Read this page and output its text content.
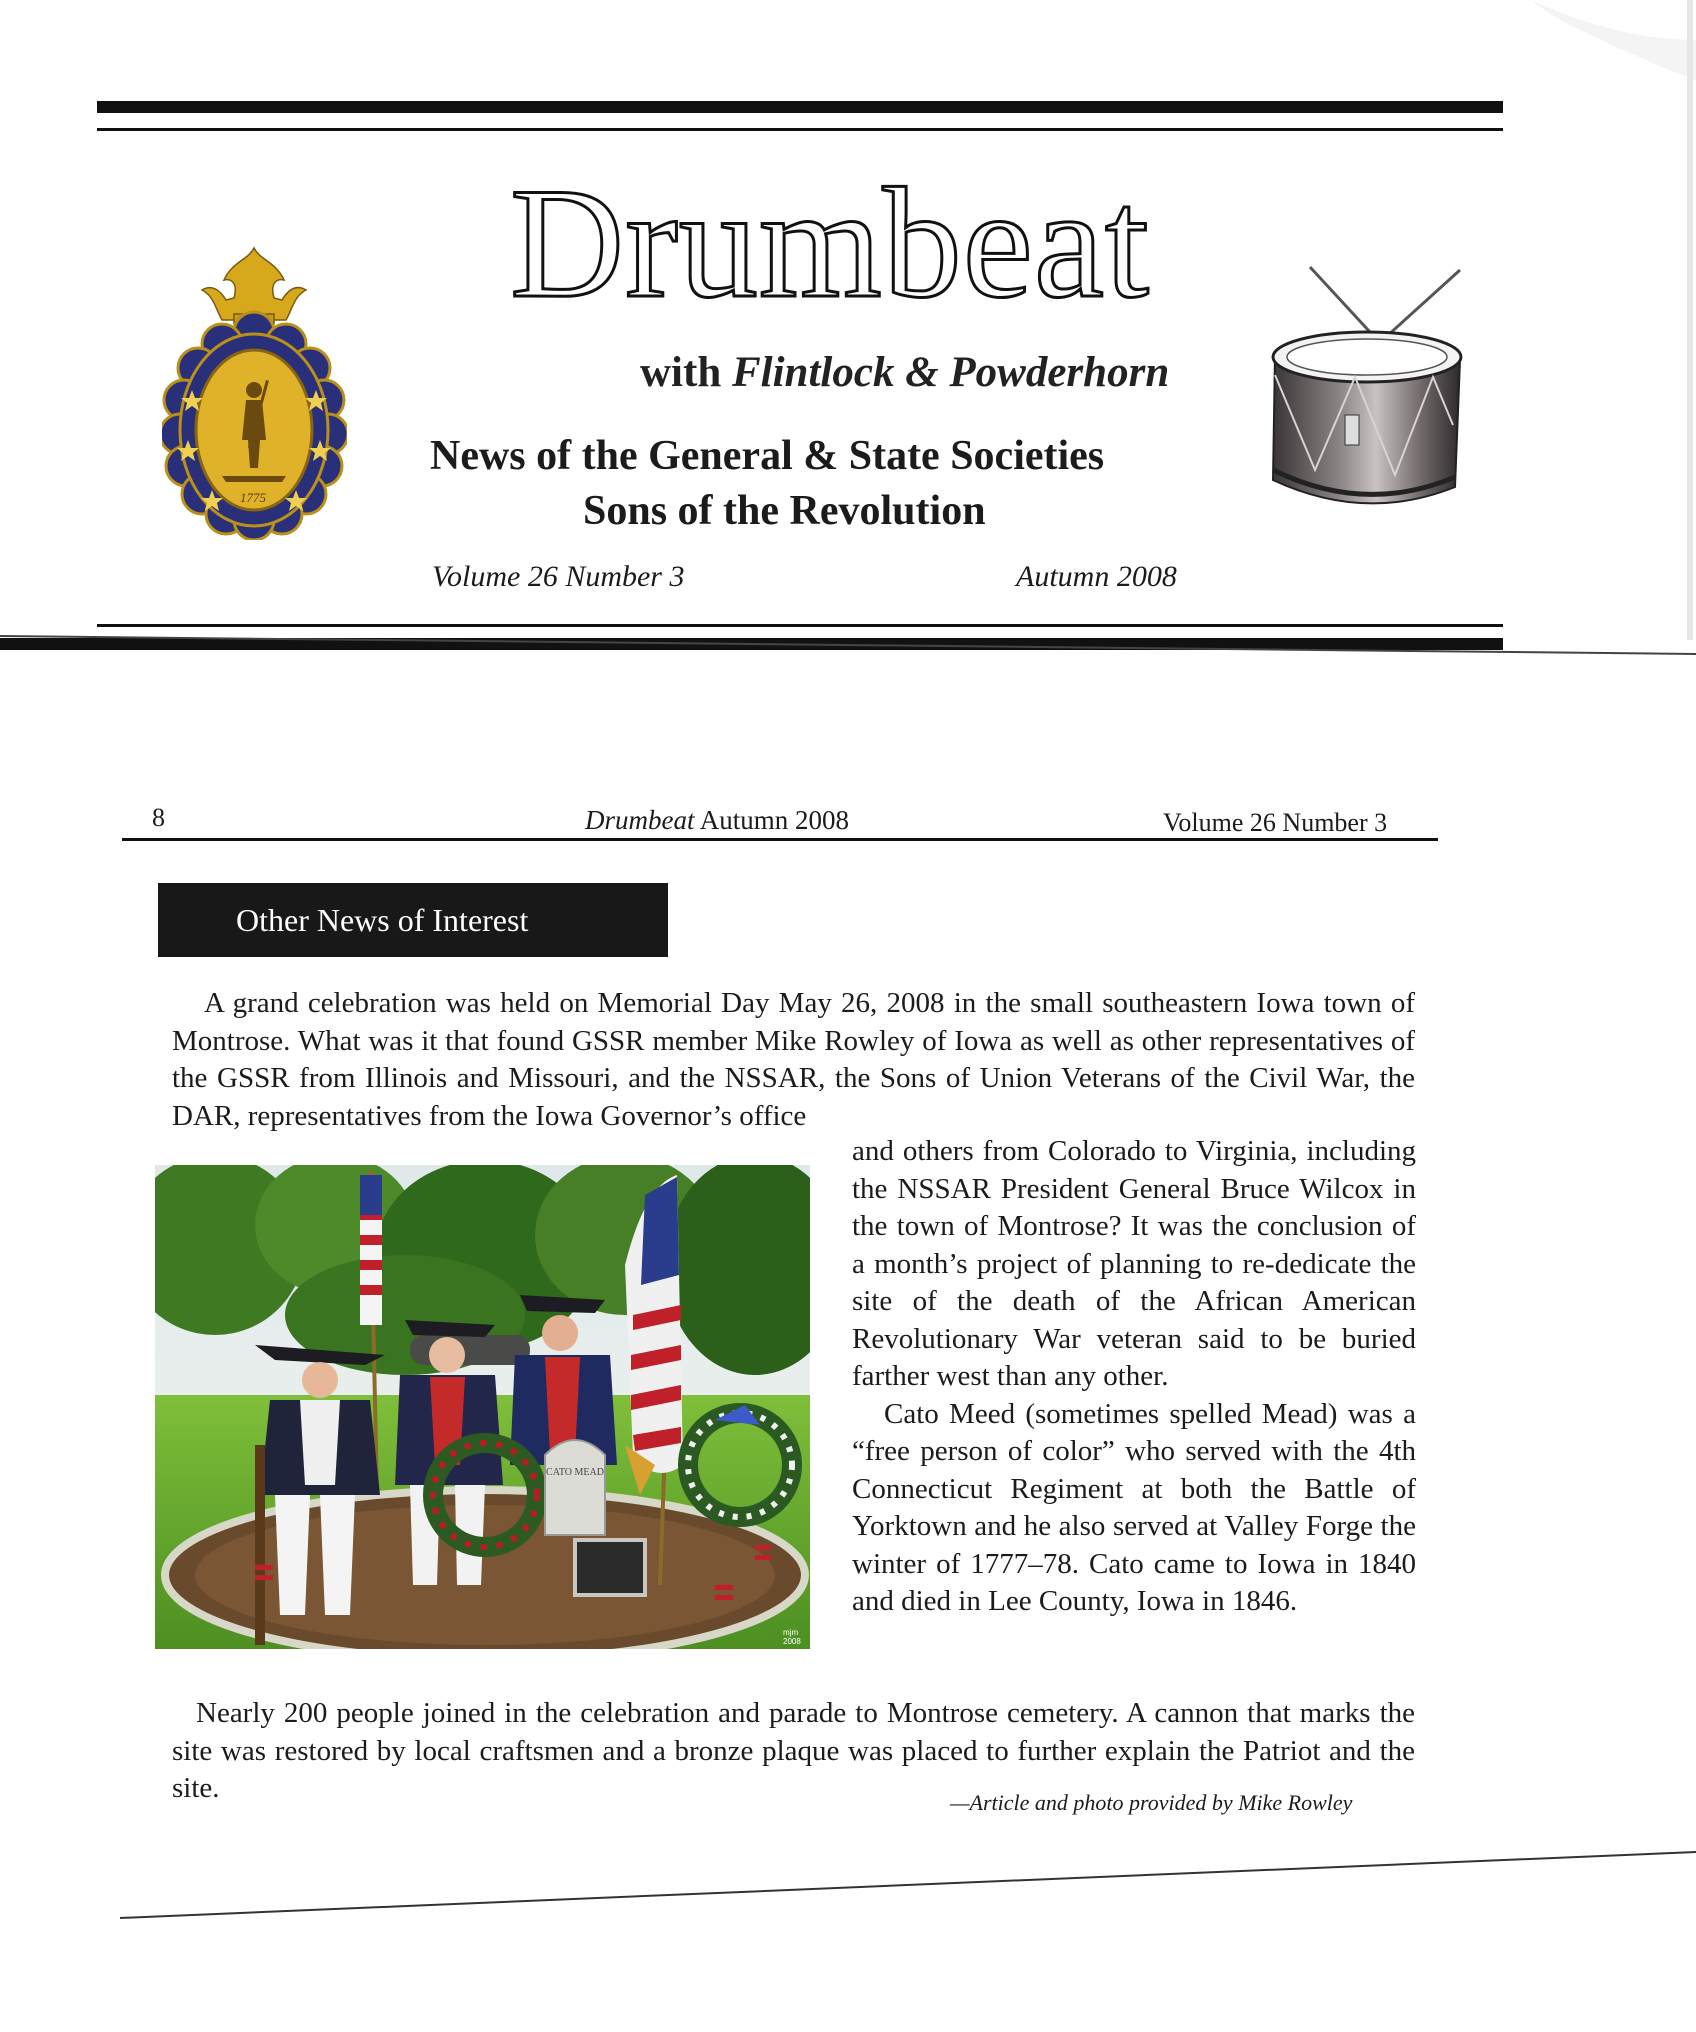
1775
Drumbeat
with Flintlock & Powderhorn
News of the General & State Societies
Sons of the Revolution
Volume 26 Number 3	Autumn 2008
8	Drumbeat Autumn 2008	Volume 26 Number 3
Other News of Interest
A grand celebration was held on Memorial Day May 26, 2008 in the small southeastern Iowa town of Montrose. What was it that found GSSR member Mike Rowley of Iowa as well as other representatives of the GSSR from Illinois and Missouri, and the NSSAR, the Sons of Union Veterans of the Civil War, the DAR, representatives from the Iowa Governor’s office
and others from Colorado to Virginia, including the NSSAR President General Bruce Wilcox in the town of Montrose? It was the conclusion of a month’s project of planning to re-dedicate the site of the death of the African American Revolutionary War veteran said to be buried farther west than any other.
Cato Meed (sometimes spelled Mead) was a “free person of color” who served with the 4th Connecticut Regiment at both the Battle of Yorktown and he also served at Valley Forge the winter of 1777–78. Cato came to Iowa in 1840 and died in Lee County, Iowa in 1846.
Nearly 200 people joined in the celebration and parade to Montrose cemetery. A cannon that marks the site was restored by local craftsmen and a bronze plaque was placed to further explain the Patriot and the site.	—Article and photo provided by Mike Rowley
CATO MEAD
mjm
2008
